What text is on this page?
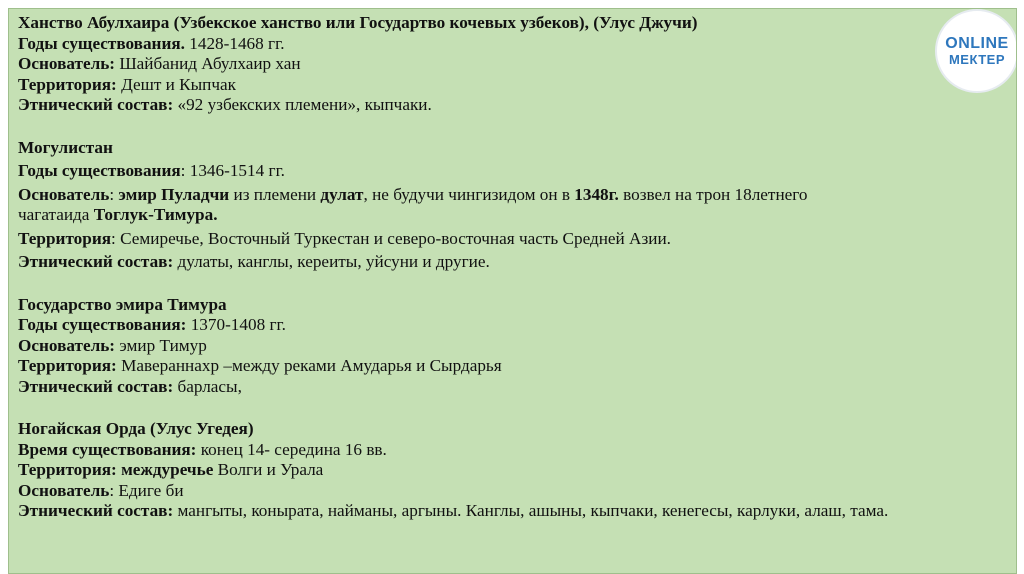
Ханство Абулхаира (Узбекское ханство или Государтво кочевых узбеков), (Улус Джучи)
Годы существования. 1428-1468 гг.
Основатель: Шайбанид Абулхаир хан
Территория: Дешт и Кыпчак
Этнический состав: «92 узбекских племени», кыпчаки.
Могулистан
Годы существования: 1346-1514 гг.
Основатель: эмир Пуладчи из племени дулат, не будучи чингизидом он в 1348г. возвел на трон 18летнего
чагатаида Тоглук-Тимура.
Территория: Семиречье, Восточный Туркестан и северо-восточная часть Средней Азии.
Этнический состав: дулаты, канглы, кереиты, уйсуни и другие.
Государство эмира Тимура
Годы существования: 1370-1408 гг.
Основатель: эмир Тимур
Территория: Мавераннахр –между реками Амударья и Сырдарья
Этнический состав: барласы,
Ногайская Орда (Улус Угедея)
Время существования: конец 14- середина 16 вв.
Территория: междуречье Волги и Урала
Основатель: Едиге би
Этнический состав: мангыты, конырата, найманы, аргыны. Канглы, ашыны, кыпчаки, кенегесы, карлуки, алаш, тама.
ONLINE
МЕКТЕР
